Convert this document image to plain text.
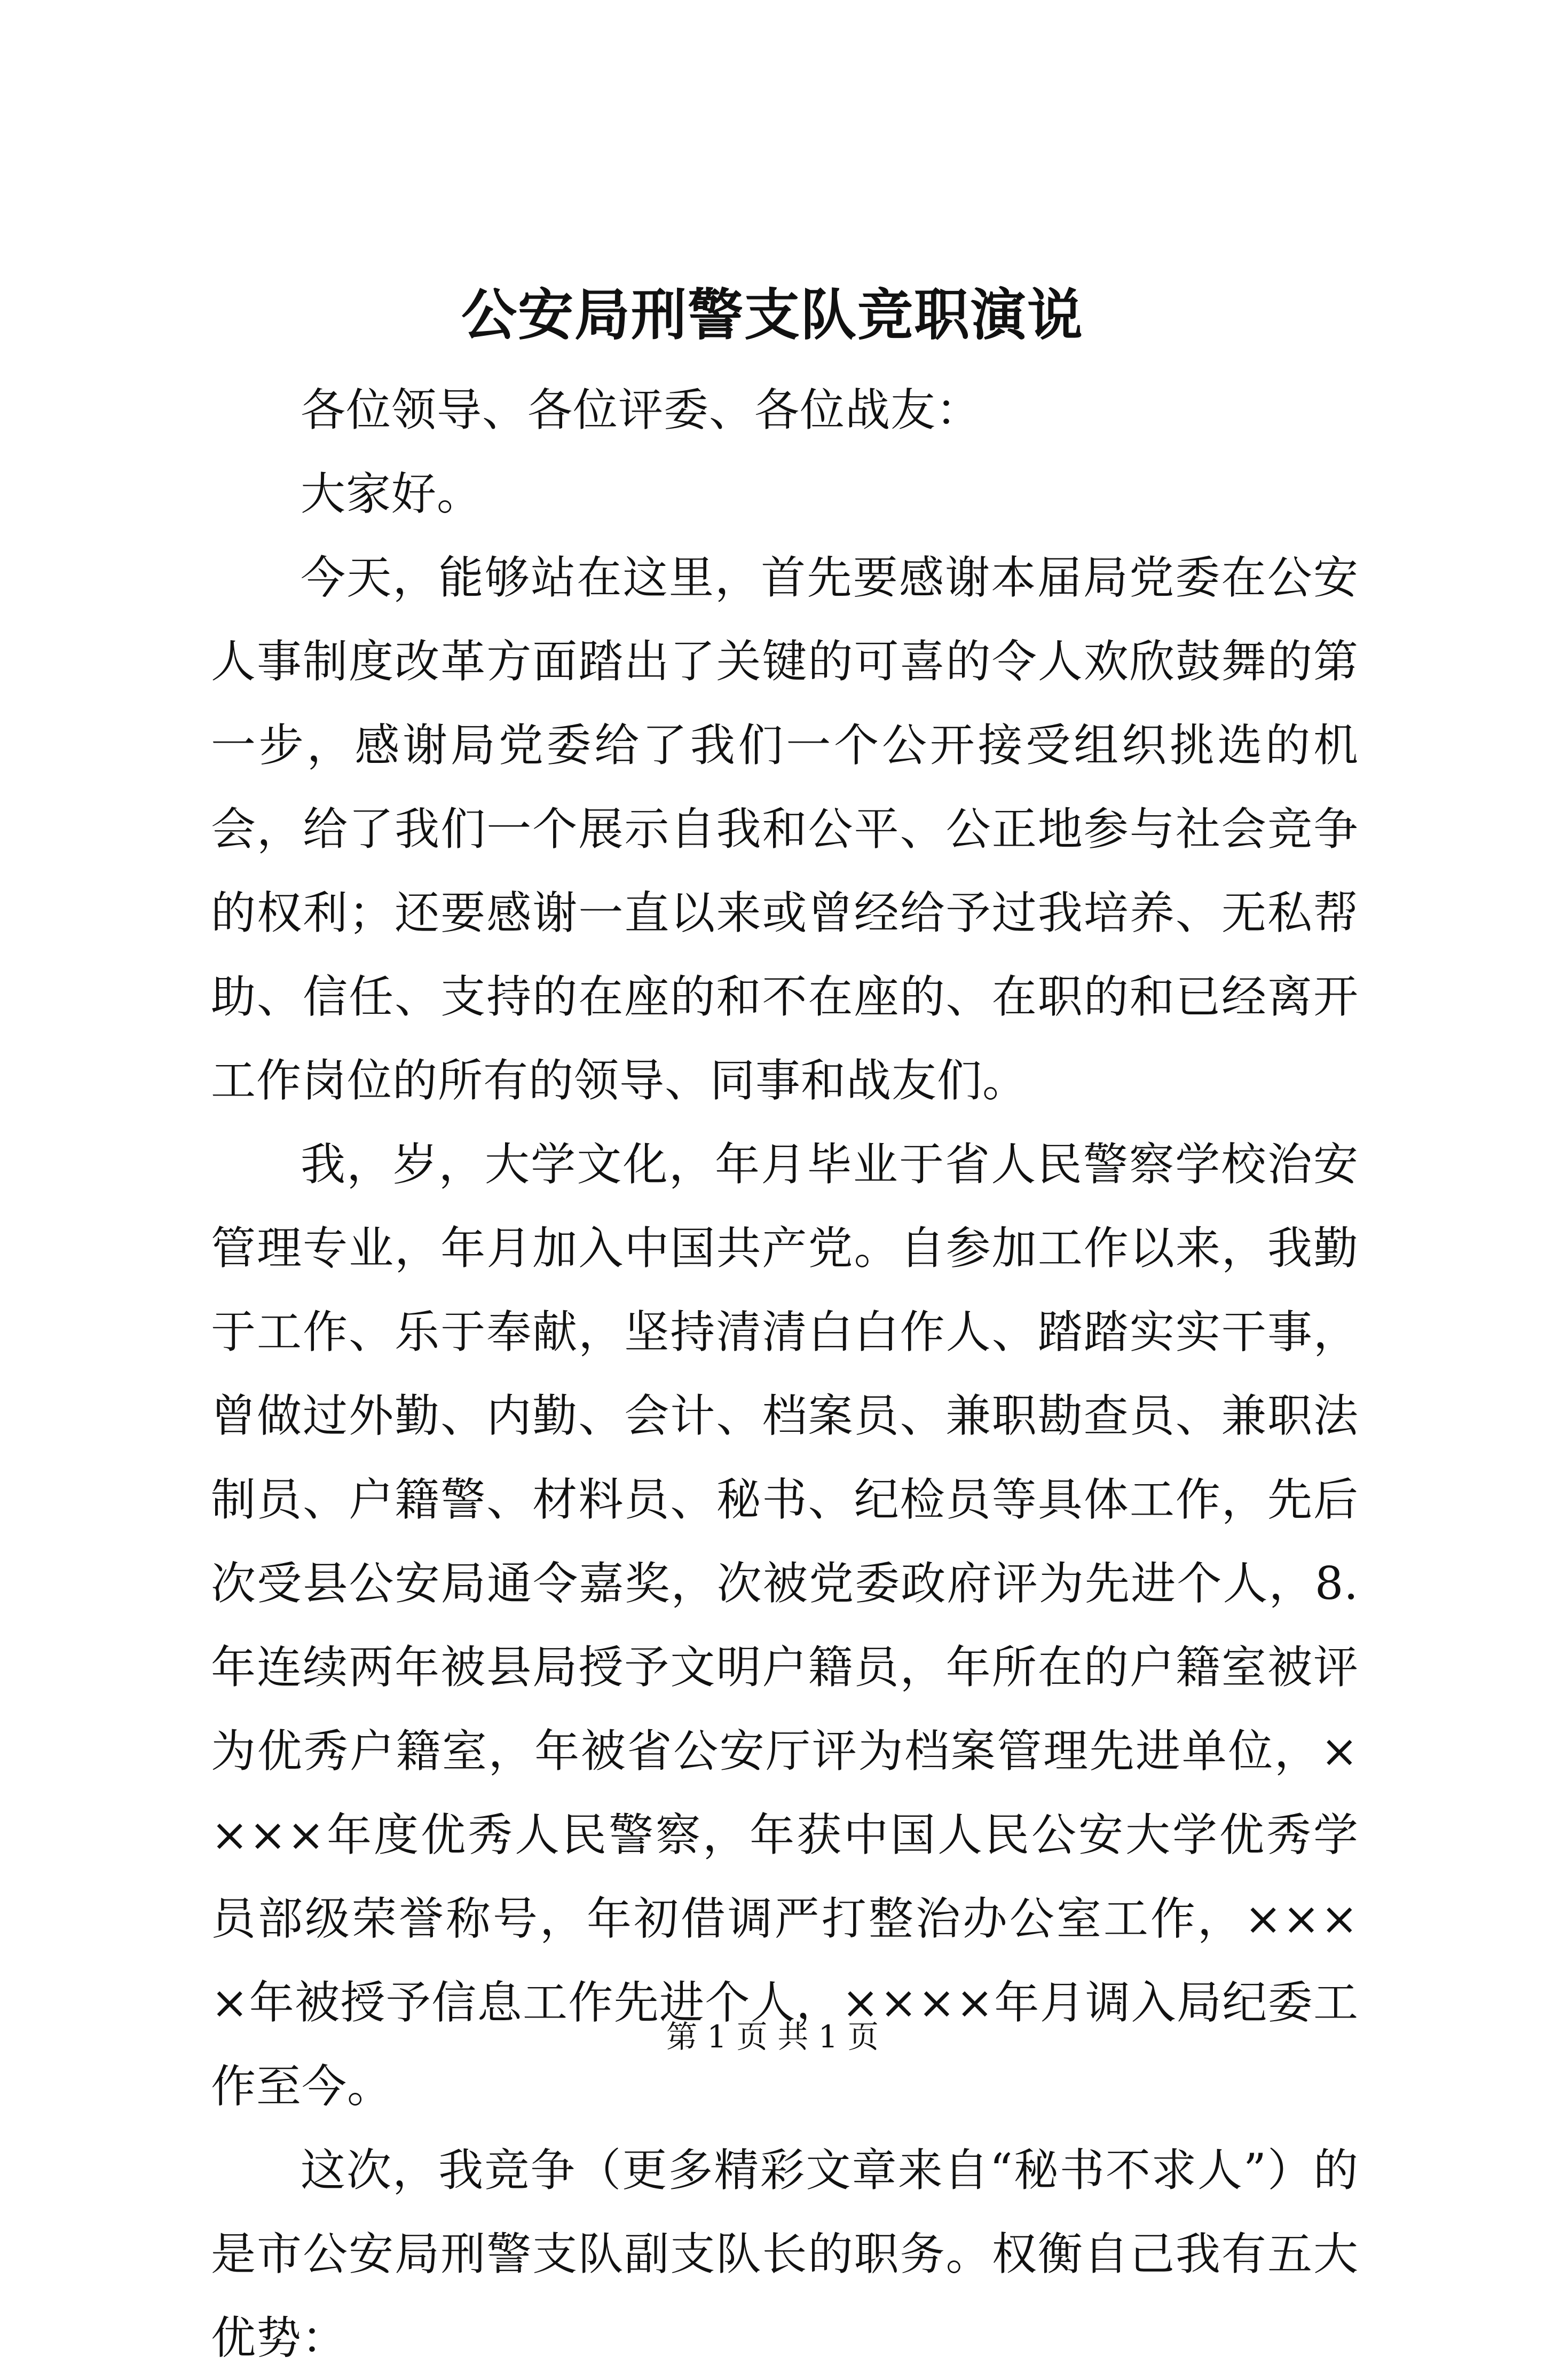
公安局刑警支队竞职演说

各位领导、各位评委、各位战友：

大家好。

今天，能够站在这里，首先要感谢本届局党委在公安人事制度改革方面踏出了关键的可喜的令人欢欣鼓舞的第一步，感谢局党委给了我们一个公开接受组织挑选的机会，给了我们一个展示自我和公平、公正地参与社会竞争的权利；还要感谢一直以来或曾经给予过我培养、无私帮助、信任、支持的在座的和不在座的、在职的和已经离开工作岗位的所有的领导、同事和战友们。

我，岁，大学文化，年月毕业于省人民警察学校治安管理专业，年月加入中国共产党。自参加工作以来，我勤于工作、乐于奉献，坚持清清白白作人、踏踏实实干事，曾做过外勤、内勤、会计、档案员、兼职勘查员、兼职法制员、户籍警、材料员、秘书、纪检员等具体工作，先后次受县公安局通令嘉奖，次被党委政府评为先进个人，8.年连续两年被县局授予文明户籍员，年所在的户籍室被评为优秀户籍室，年被省公安厅评为档案管理先进单位，××××年度优秀人民警察，年获中国人民公安大学优秀学员部级荣誉称号，年初借调严打整治办公室工作，××××年被授予信息工作先进个人，××××年月调入局纪委工作至今。

这次，我竞争（更多精彩文章来自“秘书不求人”）的是市公安局刑警支队副支队长的职务。权衡自己我有五大优势：

第 1 页 共 1 页
